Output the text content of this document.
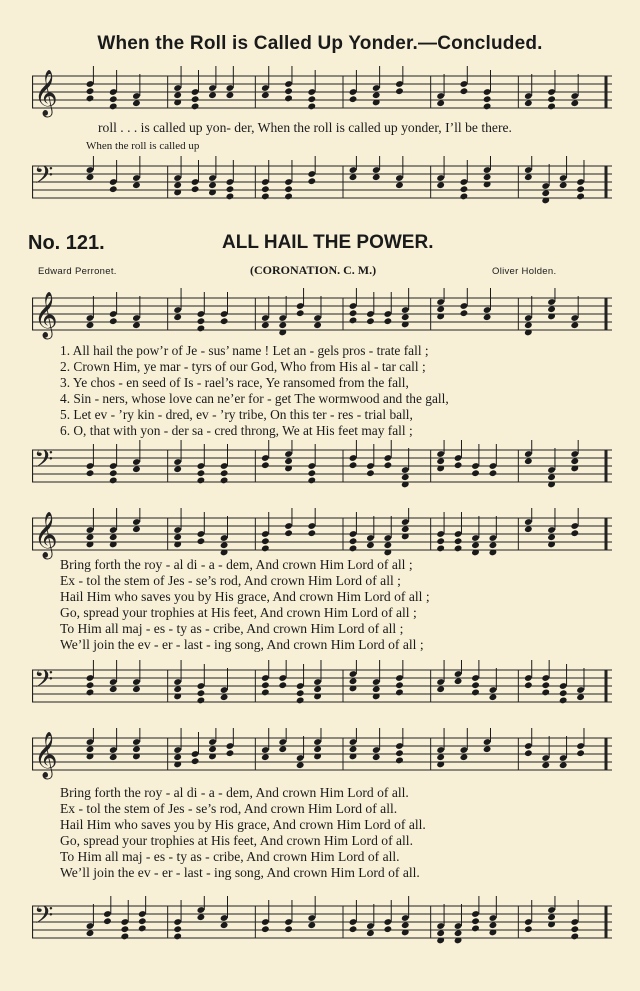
When the Roll is Called Up Yonder.—Concluded.
𝄞
roll . . . is called up yon- der, When the roll is called up yonder, I’ll be there.
When the roll is called up
𝄢
No. 121.	ALL HAIL THE POWER.
Edward Perronet.	(CORONATION. C. M.)	Oliver Holden.
𝄞
1. All hail the pow’r of Je - sus’ name ! Let an - gels pros - trate fall ;
2. Crown Him, ye mar - tyrs of our God, Who from His al - tar call ;
3. Ye chos - en seed of Is - rael’s race, Ye ransomed from the fall,
4. Sin - ners, whose love can ne’er for - get The wormwood and the gall,
5. Let ev - ’ry kin - dred, ev - ’ry tribe, On this ter - res - trial ball,
6. O, that with yon - der sa - cred throng, We at His feet may fall ;
𝄢
𝄞
Bring forth the roy - al di - a - dem, And crown Him Lord of all ;
Ex - tol the stem of Jes - se’s rod, And crown Him Lord of all ;
Hail Him who saves you by His grace, And crown Him Lord of all ;
Go, spread your trophies at His feet, And crown Him Lord of all ;
To Him all maj - es - ty as - cribe, And crown Him Lord of all ;
We’ll join the ev - er - last - ing song, And crown Him Lord of all ;
𝄢
𝄞
Bring forth the roy - al di - a - dem, And crown Him Lord of all.
Ex - tol the stem of Jes - se’s rod, And crown Him Lord of all.
Hail Him who saves you by His grace, And crown Him Lord of all.
Go, spread your trophies at His feet, And crown Him Lord of all.
To Him all maj - es - ty as - cribe, And crown Him Lord of all.
We’ll join the ev - er - last - ing song, And crown Him Lord of all.
𝄢
